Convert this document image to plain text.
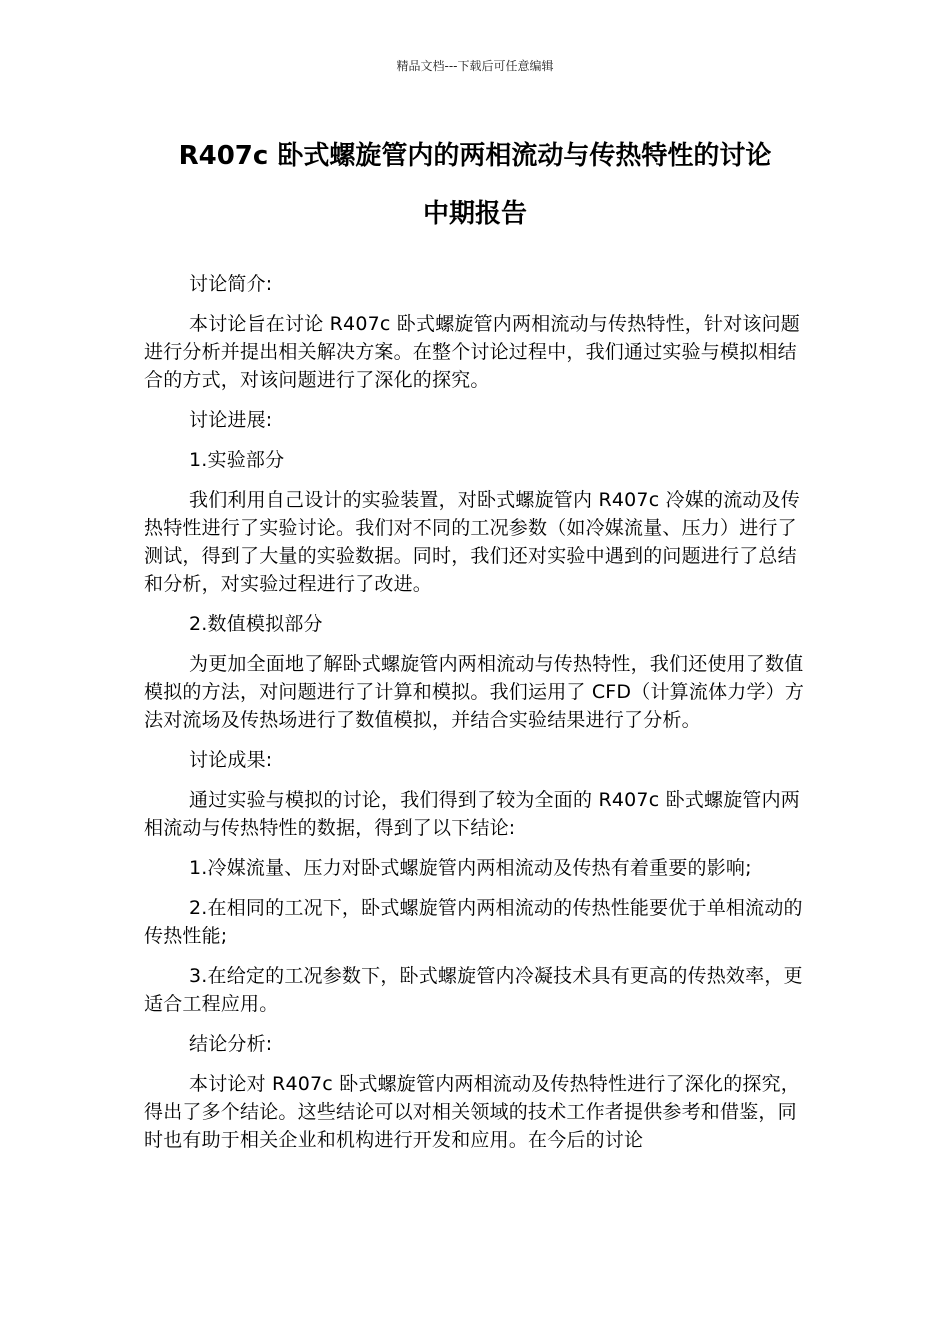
精品文档---下载后可任意编辑
R407c 卧式螺旋管内的两相流动与传热特性的讨论
中期报告

讨论简介:

本讨论旨在讨论 R407c 卧式螺旋管内两相流动与传热特性，针对该问题进行分析并提出相关解决方案。在整个讨论过程中，我们通过实验与模拟相结合的方式，对该问题进行了深化的探究。

讨论进展:

1.实验部分

我们利用自己设计的实验装置，对卧式螺旋管内 R407c 冷媒的流动及传热特性进行了实验讨论。我们对不同的工况参数（如冷媒流量、压力）进行了测试，得到了大量的实验数据。同时，我们还对实验中遇到的问题进行了总结和分析，对实验过程进行了改进。

2.数值模拟部分

为更加全面地了解卧式螺旋管内两相流动与传热特性，我们还使用了数值模拟的方法，对问题进行了计算和模拟。我们运用了 CFD（计算流体力学）方法对流场及传热场进行了数值模拟，并结合实验结果进行了分析。

讨论成果:

通过实验与模拟的讨论，我们得到了较为全面的 R407c 卧式螺旋管内两相流动与传热特性的数据，得到了以下结论:

1.冷媒流量、压力对卧式螺旋管内两相流动及传热有着重要的影响;

2.在相同的工况下，卧式螺旋管内两相流动的传热性能要优于单相流动的传热性能;

3.在给定的工况参数下，卧式螺旋管内冷凝技术具有更高的传热效率，更适合工程应用。

结论分析:

本讨论对 R407c 卧式螺旋管内两相流动及传热特性进行了深化的探究，得出了多个结论。这些结论可以对相关领域的技术工作者提供参考和借鉴，同时也有助于相关企业和机构进行开发和应用。在今后的讨论
